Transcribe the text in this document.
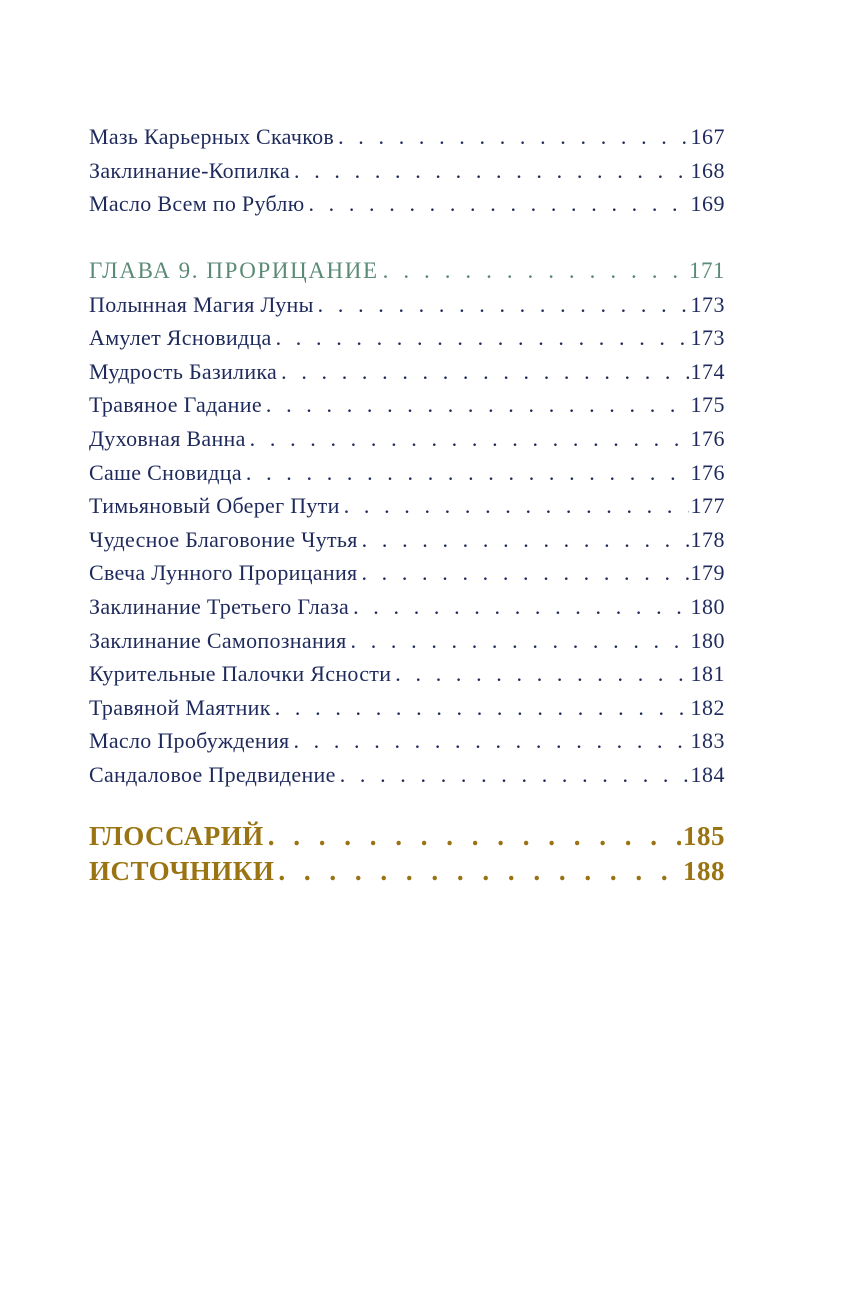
Мазь Карьерных Скачков . . .	167
Заклинание-Копилка . . .	168
Масло Всем по Рублю . . .	169
ГЛАВА 9. ПРОРИЦАНИЕ . . .	171
Полынная Магия Луны . . .	173
Амулет Ясновидца . . .	173
Мудрость Базилика . . .	174
Травяное Гадание . . .	175
Духовная Ванна . . .	176
Саше Сновидца . . .	176
Тимьяновый Оберег Пути . . .	177
Чудесное Благовоние Чутья . . .	178
Свеча Лунного Прорицания . . .	179
Заклинание Третьего Глаза . . .	180
Заклинание Самопознания . . .	180
Курительные Палочки Ясности . . .	181
Травяной Маятник . . .	182
Масло Пробуждения . . .	183
Сандаловое Предвидение . . .	184
ГЛОССАРИЙ . . .	185
ИСТОЧНИКИ . . .	188
